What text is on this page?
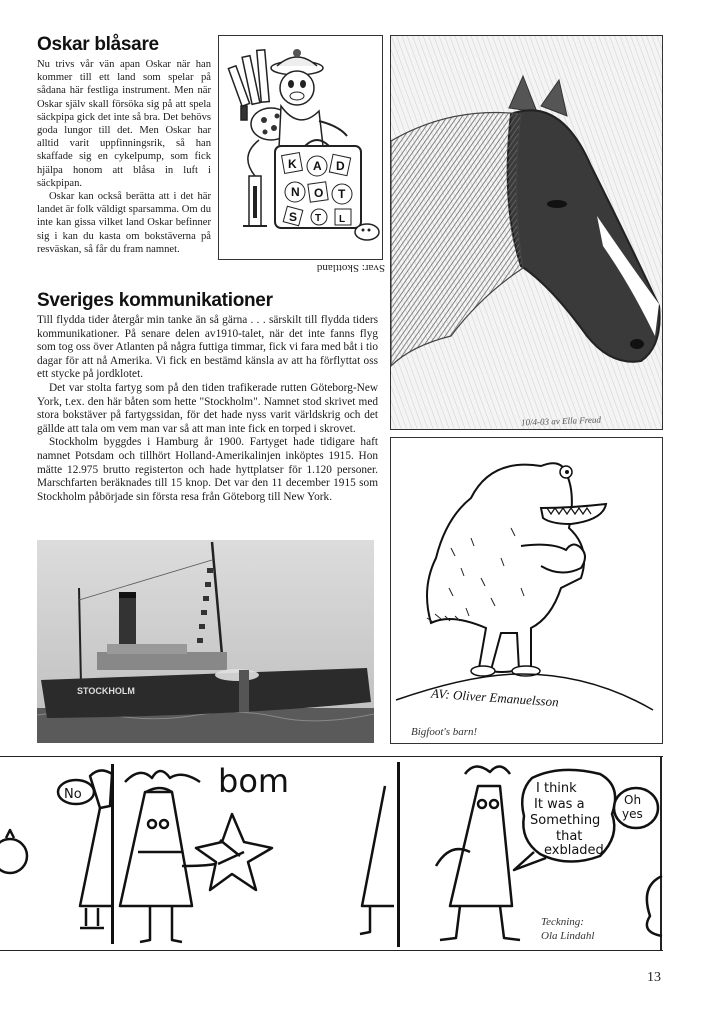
Oskar blåsare

Nu trivs vår vän apan Oskar när han kommer till ett land som spelar på sådana här festliga instrument. Men när Oskar själv skall försöka sig på att spela säckpipa gick det inte så bra. Det behövs goda lungor till det. Men Oskar har alltid varit uppfinningsrik, så han skaffade sig en cykelpump, som fick hjälpa honom att blåsa in luft i säckpipan.

Oskar kan också berätta att i det här landet är folk väldigt sparsamma. Om du inte kan gissa vilket land Oskar befinner sig i kan du kasta om bokstäverna på resväskan, så får du fram namnet.

K A D
N O T
S T L
Svar: Skottland
10/4-03 av Ella Freud
Sveriges kommunikationer

Till flydda tider återgår min tanke än så gärna . . . särskilt till flydda tiders kommunikationer. På senare delen av1910-talet, när det inte fanns flyg som tog oss över Atlanten på några futtiga timmar, fick vi fara med båt i tio dagar för att nå Amerika. Vi fick en bestämd känsla av att ha förflyttat oss ett stycke på jordklotet.

Det var stolta fartyg som på den tiden trafikerade rutten Göteborg-New York, t.ex. den här båten som hette "Stockholm". Namnet stod skrivet med stora bokstäver på fartygssidan, för det hade nyss varit världskrig och det gällde att tala om vem man var så att man inte fick en torped i skrovet.

Stockholm byggdes i Hamburg år 1900. Fartyget hade tidigare haft namnet Potsdam och tillhört Holland-Amerikalinjen inköptes 1915. Hon mätte 12.975 brutto registerton och hade hyttplatser för 1.120 personer. Marschfarten beräknades till 15 knop. Det var den 11 december 1915 som Stockholm påbörjade sin första resa från Göteborg till New York.

STOCKHOLM	AV: Oliver Emanuelsson
Bigfoot's barn!
No	bom	I think
It was a
Something
that
exbladed
Oh
yes
Teckning:
Ola Lindahl
13
